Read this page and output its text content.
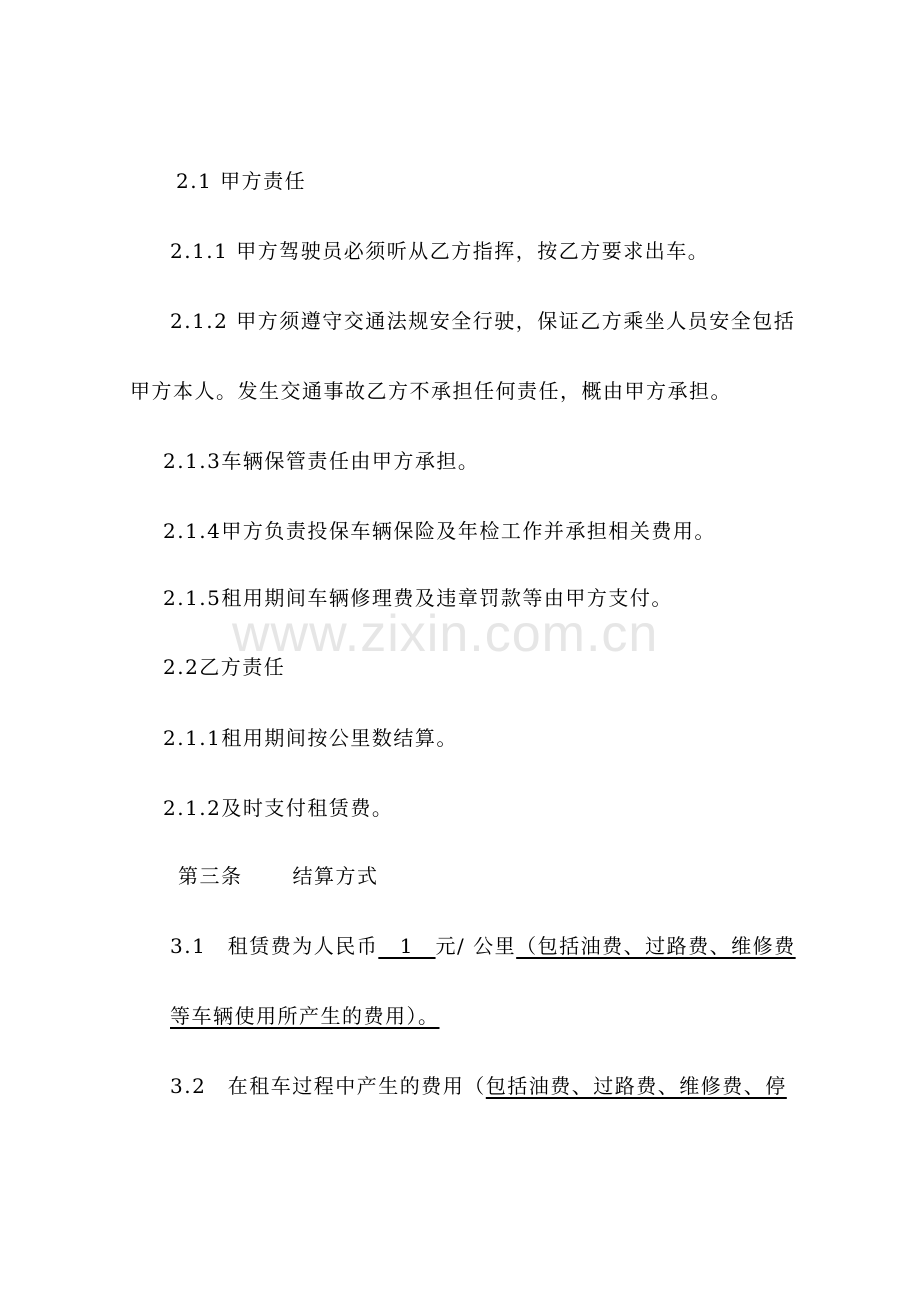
www.zixin.com.cn
2.1 甲方责任
2.1.1 甲方驾驶员必须听从乙方指挥，按乙方要求出车。
2.1.2 甲方须遵守交通法规安全行驶，保证乙方乘坐人员安全包括
甲方本人。发生交通事故乙方不承担任何责任，概由甲方承担。
2.1.3车辆保管责任由甲方承担。
2.1.4甲方负责投保车辆保险及年检工作并承担相关费用。
2.1.5租用期间车辆修理费及违章罚款等由甲方支付。
2.2乙方责任
2.1.1租用期间按公里数结算。
2.1.2及时支付租赁费。
第三条	结算方式
3.1　租赁费为人民币　1　元/ 公里（包括油费、过路费、维修费
等车辆使用所产生的费用）。
3.2　在租车过程中产生的费用（包括油费、过路费、维修费、停
